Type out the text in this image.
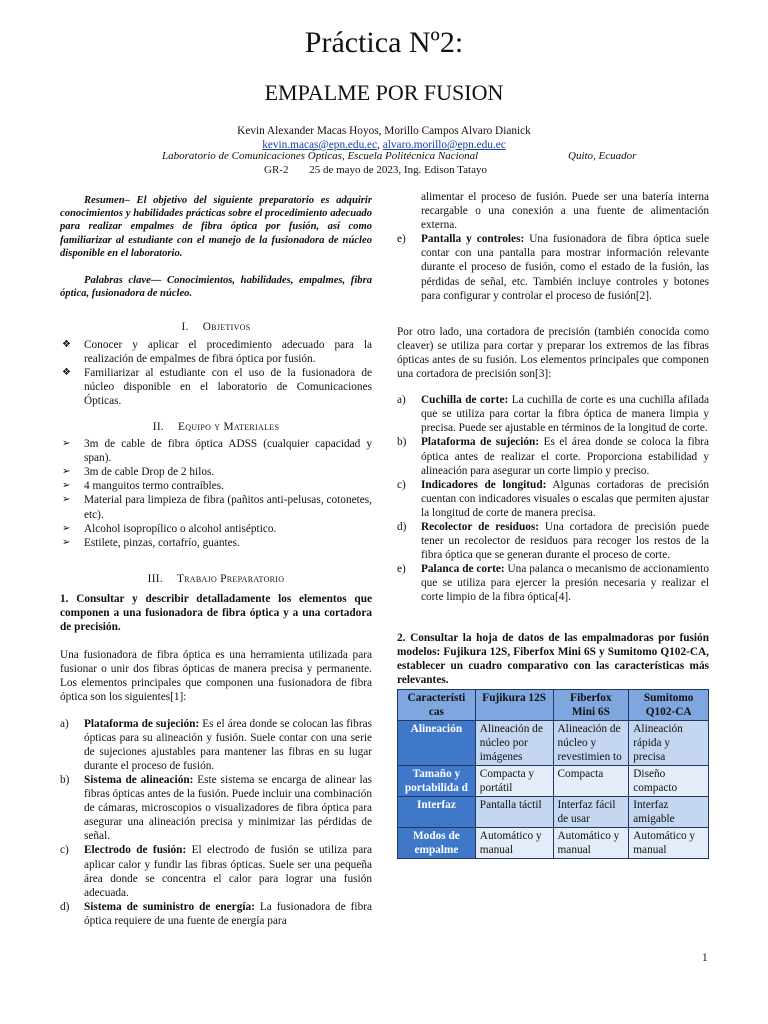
Práctica Nº2:
EMPALME POR FUSION
Kevin Alexander Macas Hoyos, Morillo Campos Alvaro Dianick
kevin.macas@epn.edu.ec, alvaro.morillo@epn.edu.ec
Laboratorio de Comunicaciones Ópticas, Escuela Politécnica Nacional	Quito, Ecuador
GR-2 25 de mayo de 2023, Ing. Edison Tatayo

Resumen– El objetivo del siguiente preparatorio es adquirir conocimientos y habilidades prácticas sobre el procedimiento adecuado para realizar empalmes de fibra óptica por fusión, así como familiarizar al estudiante con el manejo de la fusionadora de núcleo disponible en el laboratorio.

Palabras clave— Conocimientos, habilidades, empalmes, fibra óptica, fusionadora de núcleo.

I. Objetivos
❖ Conocer y aplicar el procedimiento adecuado para la realización de empalmes de fibra óptica por fusión.
❖ Familiarizar al estudiante con el uso de la fusionadora de núcleo disponible en el laboratorio de Comunicaciones Ópticas.
II. Equipo y Materiales
➢ 3m de cable de fibra óptica ADSS (cualquier capacidad y span).
➢ 3m de cable Drop de 2 hilos.
➢ 4 manguitos termo contraíbles.
➢ Material para limpieza de fibra (pañitos anti-pelusas, cotonetes, etc).
➢ Alcohol isopropílico o alcohol antiséptico.
➢ Estilete, pinzas, cortafrío, guantes.
III. Trabajo Preparatorio

1. Consultar y describir detalladamente los elementos que componen a una fusionadora de fibra óptica y a una cortadora de precisión.

Una fusionadora de fibra óptica es una herramienta utilizada para fusionar o unir dos fibras ópticas de manera precisa y permanente. Los elementos principales que componen una fusionadora de fibra óptica son los siguientes[1]:

a) Plataforma de sujeción: Es el área donde se colocan las fibras ópticas para su alineación y fusión. Suele contar con una serie de sujeciones ajustables para mantener las fibras en su lugar durante el proceso de fusión.
b) Sistema de alineación: Este sistema se encarga de alinear las fibras ópticas antes de la fusión. Puede incluir una combinación de cámaras, microscopios o visualizadores de fibra óptica para asegurar una alineación precisa y minimizar las pérdidas de señal.
c) Electrodo de fusión: El electrodo de fusión se utiliza para aplicar calor y fundir las fibras ópticas. Suele ser una pequeña área donde se concentra el calor para lograr una fusión adecuada.
d) Sistema de suministro de energía: La fusionadora de fibra óptica requiere de una fuente de energía para

alimentar el proceso de fusión. Puede ser una batería interna recargable o una conexión a una fuente de alimentación externa.

e) Pantalla y controles: Una fusionadora de fibra óptica suele contar con una pantalla para mostrar información relevante durante el proceso de fusión, como el estado de la fusión, las pérdidas de señal, etc. También incluye controles y botones para configurar y controlar el proceso de fusión[2].

Por otro lado, una cortadora de precisión (también conocida como cleaver) se utiliza para cortar y preparar los extremos de las fibras ópticas antes de su fusión. Los elementos principales que componen una cortadora de precisión son[3]:

a) Cuchilla de corte: La cuchilla de corte es una cuchilla afilada que se utiliza para cortar la fibra óptica de manera limpia y precisa. Puede ser ajustable en términos de la longitud de corte.
b) Plataforma de sujeción: Es el área donde se coloca la fibra óptica antes de realizar el corte. Proporciona estabilidad y alineación para asegurar un corte limpio y preciso.
c) Indicadores de longitud: Algunas cortadoras de precisión cuentan con indicadores visuales o escalas que permiten ajustar la longitud de corte de manera precisa.
d) Recolector de residuos: Una cortadora de precisión puede tener un recolector de residuos para recoger los restos de la fibra óptica que se generan durante el proceso de corte.
e) Palanca de corte: Una palanca o mecanismo de accionamiento que se utiliza para ejercer la presión necesaria y realizar el corte limpio de la fibra óptica[4].

2. Consultar la hoja de datos de las empalmadoras por fusión modelos: Fujikura 12S, Fiberfox Mini 6S y Sumitomo Q102-CA, establecer un cuadro comparativo con las características más relevantes.

Característi cas	Fujikura 12S	Fiberfox Mini 6S	Sumitomo Q102-CA
Alineación	Alineación de núcleo por imágenes	Alineación de núcleo y revestimien to	Alineación rápida y precisa
Tamaño y portabilida d	Compacta y portátil	Compacta	Diseño compacto
Interfaz	Pantalla táctil	Interfaz fácil de usar	Interfaz amigable
Modos de empalme	Automático y manual	Automático y manual	Automático y manual
1
